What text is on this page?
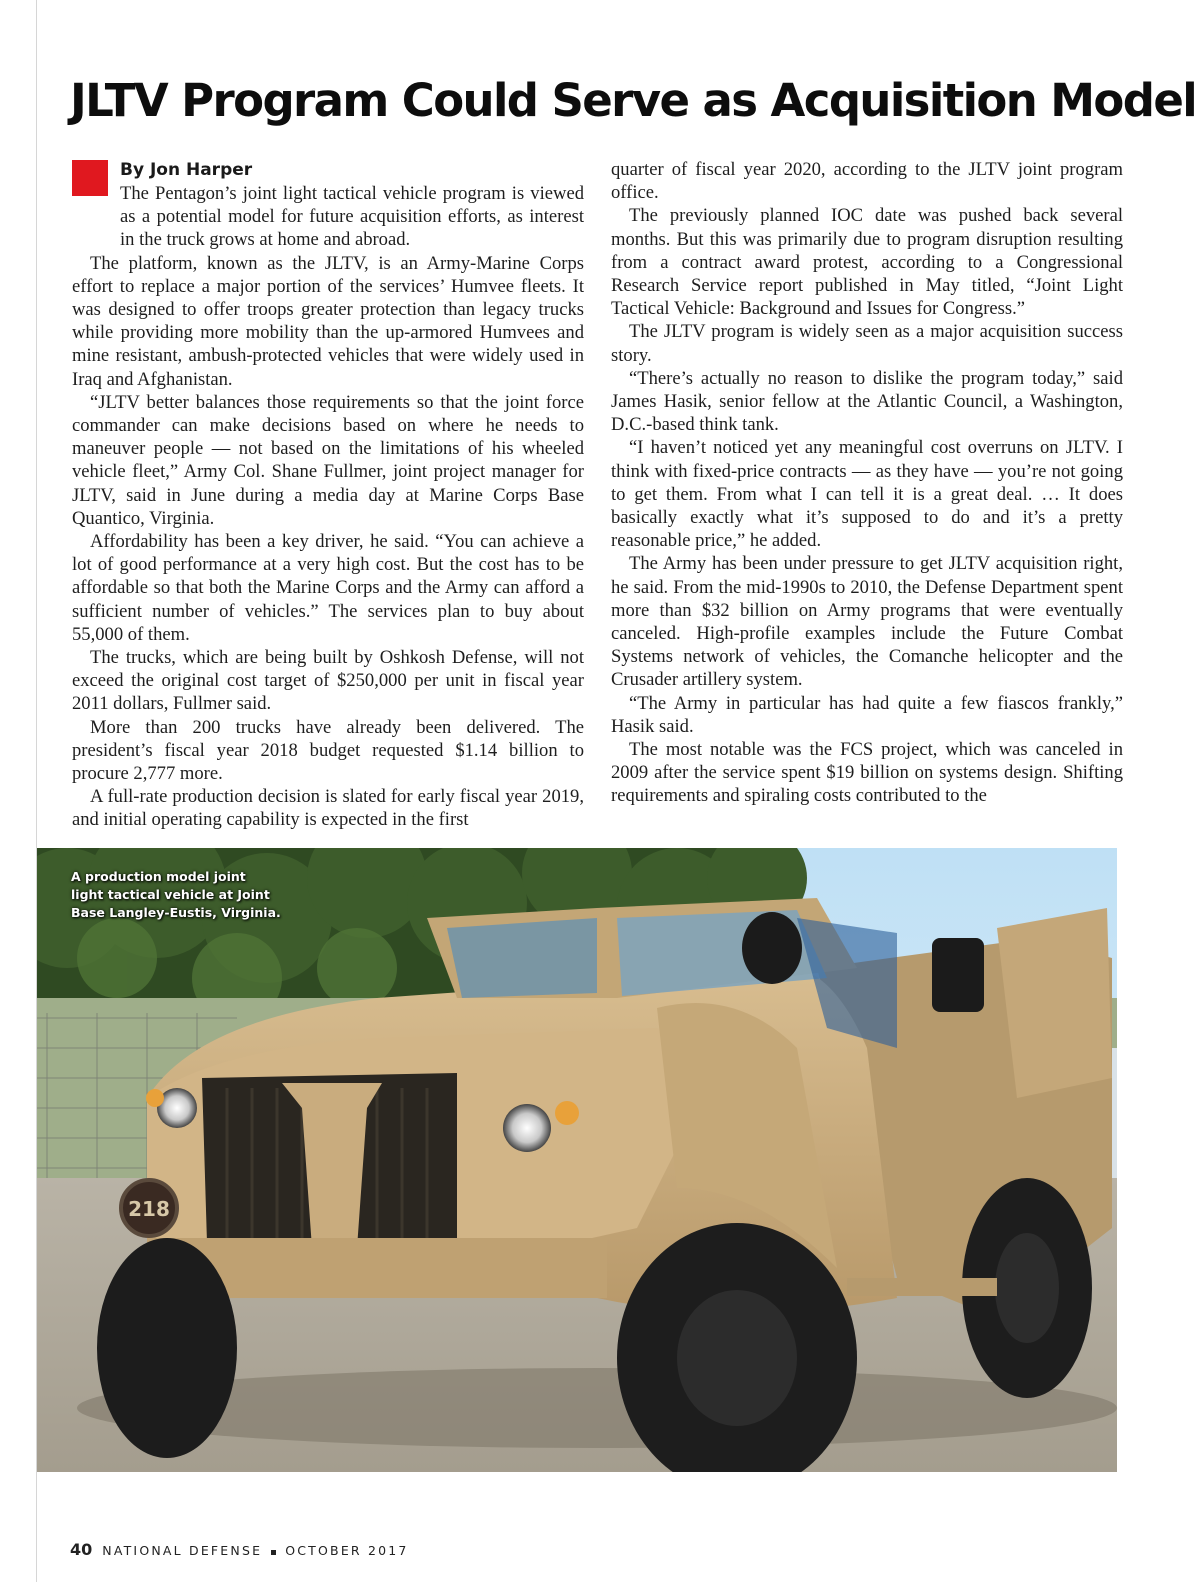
JLTV Program Could Serve as Acquisition Model
By Jon Harper

The Pentagon’s joint light tactical vehicle program is viewed as a potential model for future acquisition efforts, as interest in the truck grows at home and abroad.

The platform, known as the JLTV, is an Army-Marine Corps effort to replace a major portion of the services’ Humvee fleets. It was designed to offer troops greater protection than legacy trucks while providing more mobility than the up-armored Humvees and mine resistant, ambush-protected vehicles that were widely used in Iraq and Afghanistan.

“JLTV better balances those requirements so that the joint force commander can make decisions based on where he needs to maneuver people — not based on the limitations of his wheeled vehicle fleet,” Army Col. Shane Fullmer, joint project manager for JLTV, said in June during a media day at Marine Corps Base Quantico, Virginia.

Affordability has been a key driver, he said. “You can achieve a lot of good performance at a very high cost. But the cost has to be affordable so that both the Marine Corps and the Army can afford a sufficient number of vehicles.” The services plan to buy about 55,000 of them.

The trucks, which are being built by Oshkosh Defense, will not exceed the original cost target of $250,000 per unit in fiscal year 2011 dollars, Fullmer said.

More than 200 trucks have already been delivered. The president’s fiscal year 2018 budget requested $1.14 billion to procure 2,777 more.

A full-rate production decision is slated for early fiscal year 2019, and initial operating capability is expected in the first

quarter of fiscal year 2020, according to the JLTV joint program office.

The previously planned IOC date was pushed back several months. But this was primarily due to program disruption resulting from a contract award protest, according to a Congressional Research Service report published in May titled, “Joint Light Tactical Vehicle: Background and Issues for Congress.”

The JLTV program is widely seen as a major acquisition success story.

“There’s actually no reason to dislike the program today,” said James Hasik, senior fellow at the Atlantic Council, a Washington, D.C.-based think tank.

“I haven’t noticed yet any meaningful cost overruns on JLTV. I think with fixed-price contracts — as they have — you’re not going to get them. From what I can tell it is a great deal. … It does basically exactly what it’s supposed to do and it’s a pretty reasonable price,” he added.

The Army has been under pressure to get JLTV acquisition right, he said. From the mid-1990s to 2010, the Defense Department spent more than $32 billion on Army programs that were eventually canceled. High-profile examples include the Future Combat Systems network of vehicles, the Comanche helicopter and the Crusader artillery system.

“The Army in particular has had quite a few fiascos frankly,” Hasik said.

The most notable was the FCS project, which was canceled in 2009 after the service spent $19 billion on systems design. Shifting requirements and spiraling costs contributed to the

218
A production model joint light tactical vehicle at Joint Base Langley-Eustis, Virginia.
40 NATIONAL DEFENSE OCTOBER 2017
